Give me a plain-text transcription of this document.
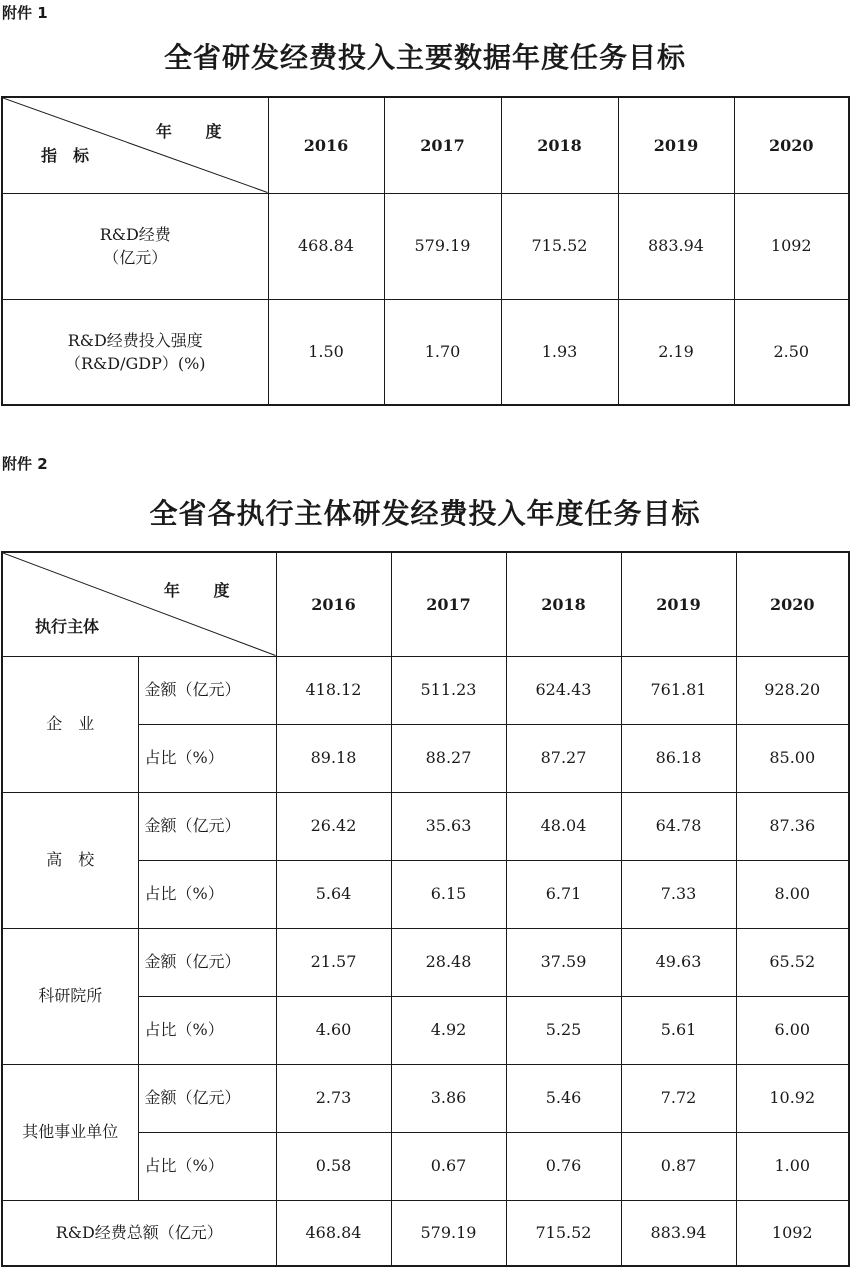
附件 1
全省研发经费投入主要数据年度任务目标
年 度
指　标	2016	2017	2018	2019	2020

R&D经费
（亿元）	468.84	579.19	715.52	883.94	1092

R&D经费投入强度
（R&D/GDP）(%)	1.50	1.70	1.93	2.19	2.50
附件 2
全省各执行主体研发经费投入年度任务目标
年 度
执行主体		2016	2017	2018	2019	2020
企　业	金额（亿元）	418.12	511.23	624.43	761.81	928.20
	占比（%）	89.18	88.27	87.27	86.18	85.00
高　校	金额（亿元）	26.42	35.63	48.04	64.78	87.36
	占比（%）	5.64	6.15	6.71	7.33	8.00
科研院所	金额（亿元）	21.57	28.48	37.59	49.63	65.52
	占比（%）	4.60	4.92	5.25	5.61	6.00
其他事业单位	金额（亿元）	2.73	3.86	5.46	7.72	10.92
	占比（%）	0.58	0.67	0.76	0.87	1.00
R&D经费总额（亿元）		468.84	579.19	715.52	883.94	1092
